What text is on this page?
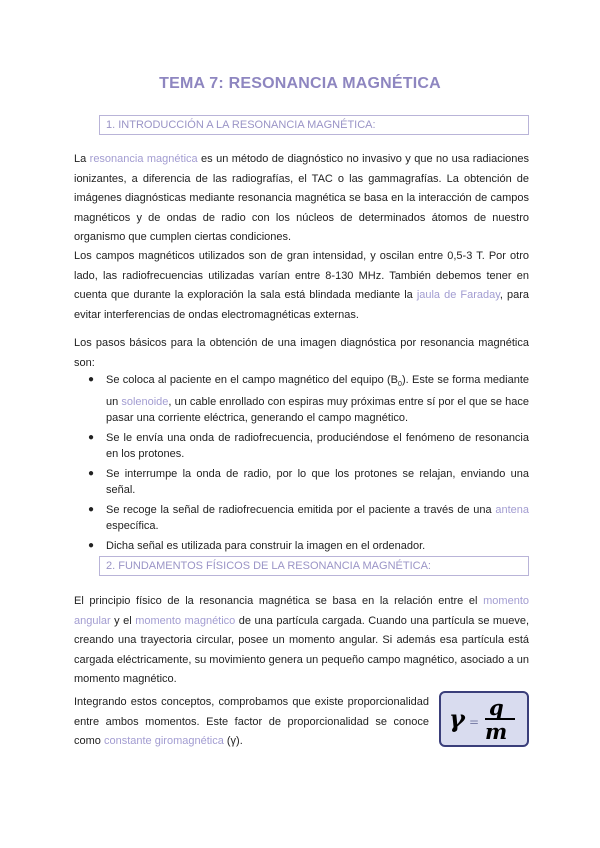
TEMA 7: RESONANCIA MAGNÉTICA
1. INTRODUCCIÓN A LA RESONANCIA MAGNÉTICA:

La resonancia magnética es un método de diagnóstico no invasivo y que no usa radiaciones ionizantes, a diferencia de las radiografías, el TAC o las gammagrafías. La obtención de imágenes diagnósticas mediante resonancia magnética se basa en la interacción de campos magnéticos y de ondas de radio con los núcleos de determinados átomos de nuestro organismo que cumplen ciertas condiciones.

Los campos magnéticos utilizados son de gran intensidad, y oscilan entre 0,5-3 T. Por otro lado, las radiofrecuencias utilizadas varían entre 8-130 MHz. También debemos tener en cuenta que durante la exploración la sala está blindada mediante la jaula de Faraday, para evitar interferencias de ondas electromagnéticas externas.

Los pasos básicos para la obtención de una imagen diagnóstica por resonancia magnética son:

● Se coloca al paciente en el campo magnético del equipo $(B_0)$. Este se forma mediante un solenoide, un cable enrollado con espiras muy próximas entre sí por el que se hace pasar una corriente eléctrica, generando el campo magnético.
● Se le envía una onda de radiofrecuencia, produciéndose el fenómeno de resonancia en los protones.
● Se interrumpe la onda de radio, por lo que los protones se relajan, enviando una señal.
● Se recoge la señal de radiofrecuencia emitida por el paciente a través de una antena específica.
● Dicha señal es utilizada para construir la imagen en el ordenador.
2. FUNDAMENTOS FÍSICOS DE LA RESONANCIA MAGNÉTICA:

El principio físico de la resonancia magnética se basa en la relación entre el momento angular y el momento magnético de una partícula cargada. Cuando una partícula se mueve, creando una trayectoria circular, posee un momento angular. Si además esa partícula está cargada eléctricamente, su movimiento genera un pequeño campo magnético, asociado a un momento magnético.

Integrando estos conceptos, comprobamos que existe proporcionalidad entre ambos momentos. Este factor de proporcionalidad se conoce como constante giromagnética (γ).

γ =
q
m
